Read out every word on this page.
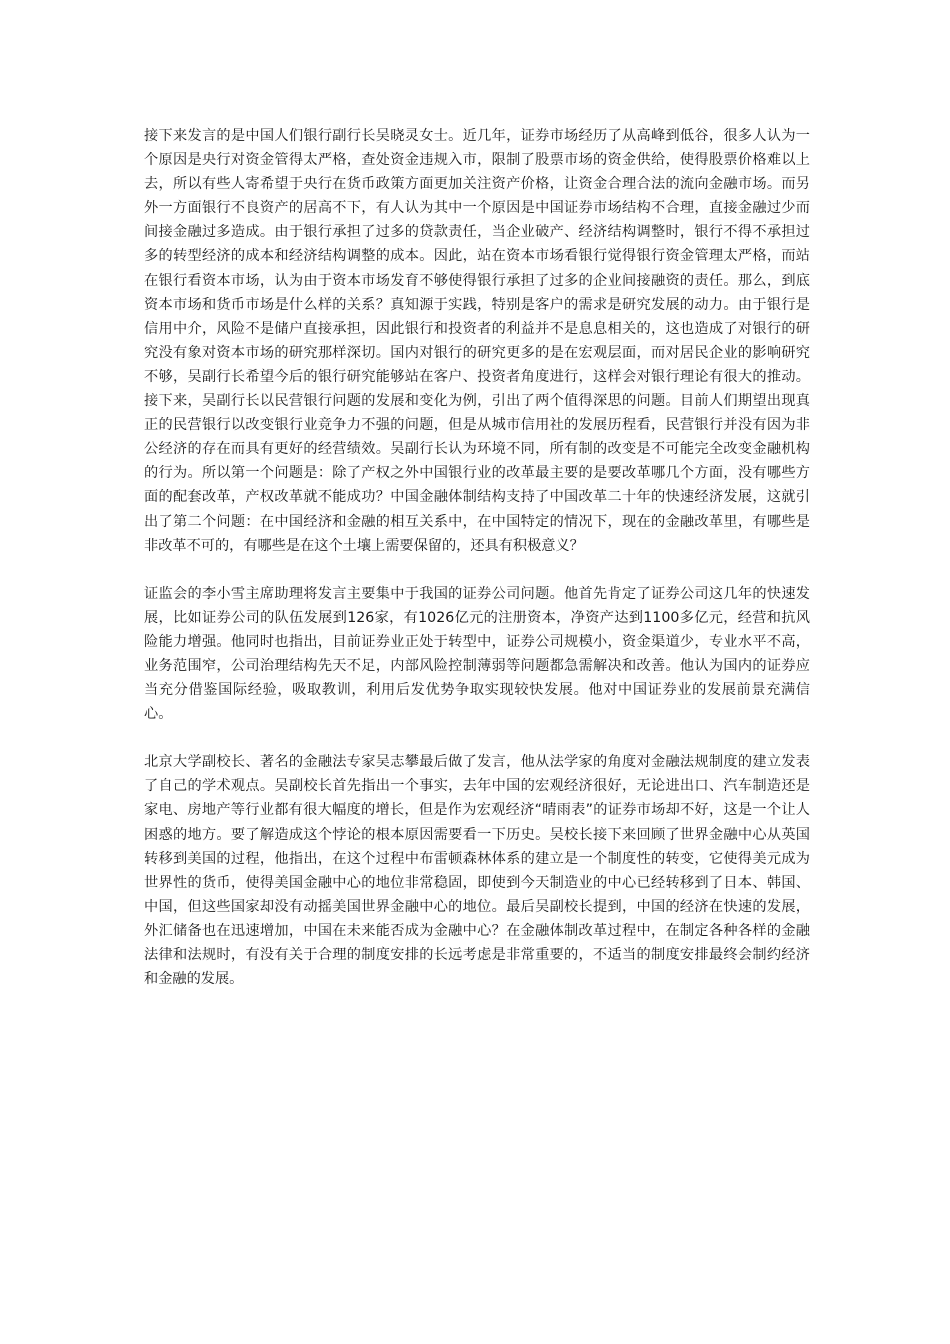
接下来发言的是中国人们银行副行长吴晓灵女士。近几年，证券市场经历了从高峰到低谷，很多人认为一个原因是央行对资金管得太严格，查处资金违规入市，限制了股票市场的资金供给，使得股票价格难以上去，所以有些人寄希望于央行在货币政策方面更加关注资产价格，让资金合理合法的流向金融市场。而另外一方面银行不良资产的居高不下，有人认为其中一个原因是中国证券市场结构不合理，直接金融过少而间接金融过多造成。由于银行承担了过多的贷款责任，当企业破产、经济结构调整时，银行不得不承担过多的转型经济的成本和经济结构调整的成本。因此，站在资本市场看银行觉得银行资金管理太严格，而站在银行看资本市场，认为由于资本市场发育不够使得银行承担了过多的企业间接融资的责任。那么，到底资本市场和货币市场是什么样的关系？真知源于实践，特别是客户的需求是研究发展的动力。由于银行是信用中介，风险不是储户直接承担，因此银行和投资者的利益并不是息息相关的，这也造成了对银行的研究没有象对资本市场的研究那样深切。国内对银行的研究更多的是在宏观层面，而对居民企业的影响研究不够，吴副行长希望今后的银行研究能够站在客户、投资者角度进行，这样会对银行理论有很大的推动。接下来，吴副行长以民营银行问题的发展和变化为例，引出了两个值得深思的问题。目前人们期望出现真正的民营银行以改变银行业竞争力不强的问题，但是从城市信用社的发展历程看，民营银行并没有因为非公经济的存在而具有更好的经营绩效。吴副行长认为环境不同，所有制的改变是不可能完全改变金融机构的行为。所以第一个问题是：除了产权之外中国银行业的改革最主要的是要改革哪几个方面，没有哪些方面的配套改革，产权改革就不能成功？中国金融体制结构支持了中国改革二十年的快速经济发展，这就引出了第二个问题：在中国经济和金融的相互关系中，在中国特定的情况下，现在的金融改革里，有哪些是非改革不可的，有哪些是在这个土壤上需要保留的，还具有积极意义？

证监会的李小雪主席助理将发言主要集中于我国的证券公司问题。他首先肯定了证券公司这几年的快速发展，比如证券公司的队伍发展到126家，有1026亿元的注册资本，净资产达到1100多亿元，经营和抗风险能力增强。他同时也指出，目前证券业正处于转型中，证券公司规模小，资金渠道少，专业水平不高，业务范围窄，公司治理结构先天不足，内部风险控制薄弱等问题都急需解决和改善。他认为国内的证券应当充分借鉴国际经验，吸取教训，利用后发优势争取实现较快发展。他对中国证券业的发展前景充满信心。

北京大学副校长、著名的金融法专家吴志攀最后做了发言，他从法学家的角度对金融法规制度的建立发表了自己的学术观点。吴副校长首先指出一个事实，去年中国的宏观经济很好，无论进出口、汽车制造还是家电、房地产等行业都有很大幅度的增长，但是作为宏观经济“晴雨表”的证券市场却不好，这是一个让人困惑的地方。要了解造成这个悖论的根本原因需要看一下历史。吴校长接下来回顾了世界金融中心从英国转移到美国的过程，他指出，在这个过程中布雷顿森林体系的建立是一个制度性的转变，它使得美元成为世界性的货币，使得美国金融中心的地位非常稳固，即使到今天制造业的中心已经转移到了日本、韩国、中国，但这些国家却没有动摇美国世界金融中心的地位。最后吴副校长提到，中国的经济在快速的发展，外汇储备也在迅速增加，中国在未来能否成为金融中心？在金融体制改革过程中，在制定各种各样的金融法律和法规时，有没有关于合理的制度安排的长远考虑是非常重要的，不适当的制度安排最终会制约经济和金融的发展。
